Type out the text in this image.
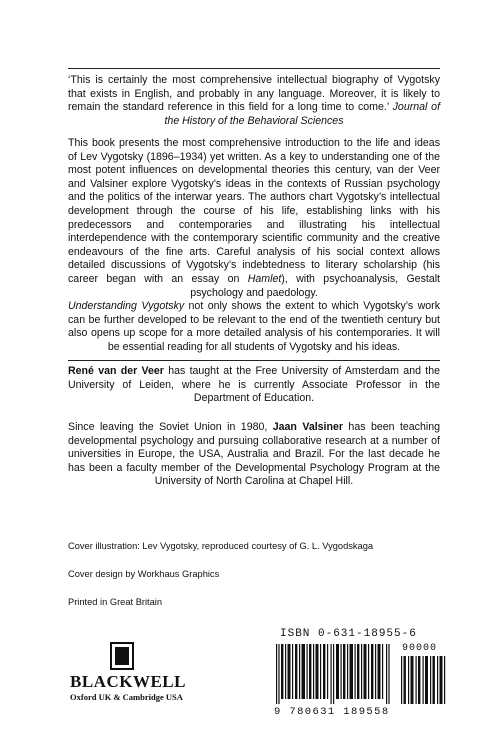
‘This is certainly the most comprehensive intellectual biography of Vygotsky that exists in English, and probably in any language. Moreover, it is likely to remain the standard reference in this field for a long time to come.’ Journal of the History of the Behavioral Sciences
This book presents the most comprehensive introduction to the life and ideas of Lev Vygotsky (1896–1934) yet written. As a key to understanding one of the most potent influences on developmental theories this century, van der Veer and Valsiner explore Vygotsky’s ideas in the contexts of Russian psychology and the politics of the interwar years. The authors chart Vygotsky’s intellectual development through the course of his life, establishing links with his predecessors and contemporaries and illustrating his intellectual interdependence with the contemporary scientific community and the creative endeavours of the fine arts. Careful analysis of his social context allows detailed discussions of Vygotsky’s indebtedness to literary scholarship (his career began with an essay on Hamlet), with psychoanalysis, Gestalt psychology and paedology.
Understanding Vygotsky not only shows the extent to which Vygotsky’s work can be further developed to be relevant to the end of the twentieth century but also opens up scope for a more detailed analysis of his contemporaries. It will be essential reading for all students of Vygotsky and his ideas.
René van der Veer has taught at the Free University of Amsterdam and the University of Leiden, where he is currently Associate Professor in the Department of Education.
Since leaving the Soviet Union in 1980, Jaan Valsiner has been teaching developmental psychology and pursuing collaborative research at a number of universities in Europe, the USA, Australia and Brazil. For the last decade he has been a faculty member of the Developmental Psychology Program at the University of North Carolina at Chapel Hill.
Cover illustration: Lev Vygotsky, reproduced courtesy of G. L. Vygodskaga
Cover design by Workhaus Graphics
Printed in Great Britain
BLACKWELL
Oxford UK & Cambridge USA
ISBN 0-631-18955-6
90000
9 780631 189558
